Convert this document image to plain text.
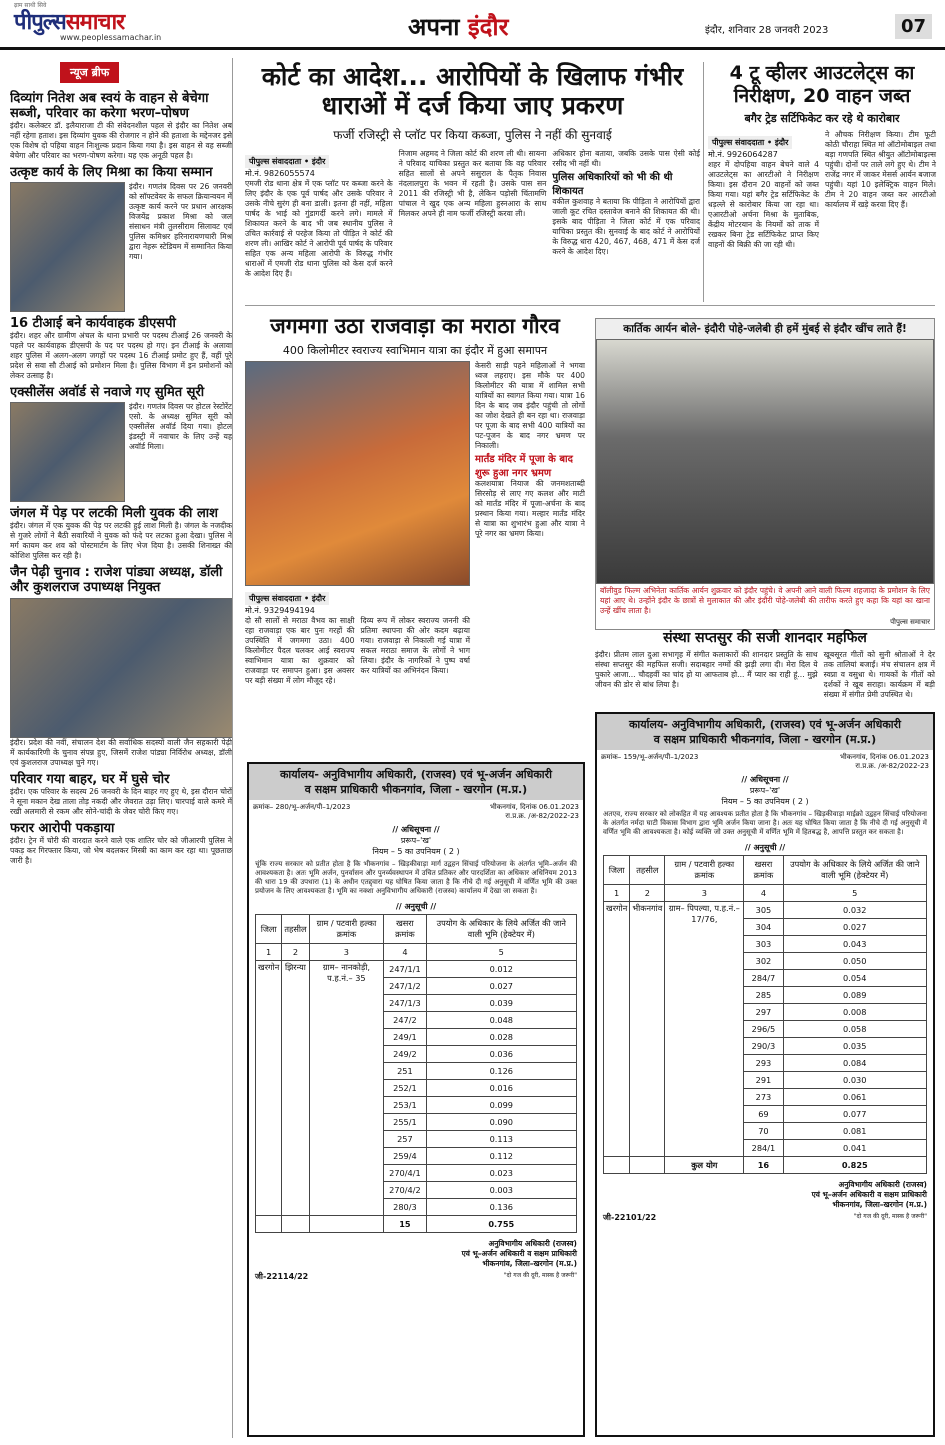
पीपुल्ससमाचार
ढ़ाम साथी सिवे
www.peoplessamachar.in	अपना इंदौर	इंदौर, शनिवार 28 जनवरी 2023	07
न्यूज ब्रीफ
दिव्यांग नितेश अब स्वयं के वाहन से बेचेगा सब्जी, परिवार का करेगा भरण–पोषण
इंदौर। कलेक्टर डॉ. इलैयाराजा टी की संवेदनशील पहल से इंदौर का नितेश अब नहीं रहेगा हताश। इस दिव्यांग युवक की रोजगार न होने की हताशा के मद्देनजर इसे एक विशेष दो पहिया वाहन निःशुल्क प्रदान किया गया है। इस वाहन से वह सब्जी बेचेगा और परिवार का भरण-पोषण करेगा। यह एक अनूठी पहल है।
उत्कृष्ट कार्य के लिए मिश्रा का किया सम्मान
इंदौर। गणतंत्र दिवस पर 26 जनवरी को सॉफ्टवेयर के सफल क्रियान्वयन में उत्कृष्ट कार्य करने पर प्रधान आरक्षक विजयेंद्र प्रकाश मिश्रा को जल संसाधन मंत्री तुलसीराम सिलावट एवं पुलिस कमिश्नर हरिनारायणचारी मिश्र द्वारा नेहरू स्टेडियम में सम्मानित किया गया।
16 टीआई बने कार्यवाहक डीएसपी
इंदौर। शहर और ग्रामीण अंचल के थाना प्रभारी पर पदस्थ टीआई 26 जनवरी के पहले पर कार्यवाहक डीएसपी के पद पर पदस्थ हो गए। इन टीआई के अलावा शहर पुलिस में अलग-अलग जगहों पर पदस्थ 16 टीआई प्रमोट हुए हैं, वहीं पूरे प्रदेश से सवा सौ टीआई को प्रमोशन मिला है। पुलिस विभाग में इन प्रमोशनों को लेकर उत्साह है।
एक्सीलेंस अवॉर्ड से नवाजे गए सुमित सूरी
इंदौर। गणतंत्र दिवस पर होटल रेस्टोरेंट एसो. के अध्यक्ष सुमित सूरी को एक्सीलेंस अवॉर्ड दिया गया। होटल इंडस्ट्री में नवाचार के लिए उन्हें यह अवॉर्ड मिला।
जंगल में पेड़ पर लटकी मिली युवक की लाश
इंदौर। जंगल में एक युवक की पेड़ पर लटकी हुई लाश मिली है। जंगल के नजदीक से गुजरे लोगों ने बैठी सवारियों ने युवक को फंदे पर लटका हुआ देखा। पुलिस ने मर्ग कायम कर शव को पोस्टमार्टम के लिए भेज दिया है। उसकी शिनाख्त की कोशिश पुलिस कर रही है।
जैन पेढ़ी चुनाव : राजेश पांड्या अध्यक्ष, डॉली और कुशलराज उपाध्यक्ष नियुक्त
इंदौर। प्रदेश की नवीं, संचालन देश की सर्वाधिक सदस्यों वाली जैन सहकारी पेढ़ी में कार्यकारिणी के चुनाव संपन्न हुए, जिसमें राजेश पांड्या निर्विरोध अध्यक्ष, डॉली एवं कुशलराज उपाध्यक्ष चुने गए।
परिवार गया बाहर, घर में घुसे चोर
इंदौर। एक परिवार के सदस्य 26 जनवरी के दिन बाहर गए हुए थे, इस दौरान चोरों ने सूना मकान देख ताला तोड़ नकदी और जेवरात उड़ा लिए। चारपाई वाले कमरे में रखी अलमारी से रकम और सोने-चांदी के जेवर चोरी किए गए।
फरार आरोपी पकड़ाया
इंदौर। ट्रेन में चोरी की वारदात करने वाले एक शातिर चोर को जीआरपी पुलिस ने पकड़ कर गिरफ्तार किया, जो भेष बदलकर मिस्त्री का काम कर रहा था। पूछताछ जारी है।
कोर्ट का आदेश... आरोपियों के खिलाफ गंभीर धाराओं में दर्ज किया जाए प्रकरण
फर्जी रजिस्ट्री से प्लॉट पर किया कब्जा, पुलिस ने नहीं की सुनवाई
पीपुल्स संवाददाता • इंदौर
मो.नं. 9826055574
एमजी रोड थाना क्षेत्र में एक प्लॉट पर कब्जा करने के लिए इंदौर के एक पूर्व पार्षद और उसके परिवार ने उसके नीचे सुरंग ही बना डाली। इतना ही नहीं, महिला पार्षद के भाई को गुंडागर्दी करने लगे। मामले में शिकायत करने के बाद भी जब स्थानीय पुलिस ने उचित कार्रवाई से परहेज किया तो पीड़ित ने कोर्ट की शरण ली। आखिर कोर्ट ने आरोपी पूर्व पार्षद के परिवार सहित एक अन्य महिला आरोपी के विरुद्ध गंभीर धाराओं में एमजी रोड थाना पुलिस को केस दर्ज करने के आदेश दिए हैं।
निजाम अहमद ने जिला कोर्ट की शरण ली थी। सायना ने परिवाद याचिका प्रस्तुत कर बताया कि वह परिवार सहित सालों से अपने ससुराल के पैतृक निवास नंदलालपुरा के भवन में रहती है। उसके पास सन 2011 की रजिस्ट्री भी है, लेकिन पड़ोसी चिंतामणि पांचाल ने खुद एक अन्य महिला हुस्नआरा के साथ मिलकर अपने ही नाम फर्जी रजिस्ट्री करवा ली।
अधिकार होना बताया, जबकि उसके पास ऐसी कोई रसीद भी नहीं थी।
पुलिस अधिकारियों को भी की थी शिकायत
वकील कुशवाह ने बताया कि पीड़िता ने आरोपियों द्वारा जाली कूट रचित दस्तावेज बनाने की शिकायत की थी। इसके बाद पीड़िता ने जिला कोर्ट में एक परिवाद याचिका प्रस्तुत की। सुनवाई के बाद कोर्ट ने आरोपियों के विरुद्ध धारा 420, 467, 468, 471 में केस दर्ज करने के आदेश दिए।
4 टू व्हीलर आउटलेट्स का निरीक्षण, 20 वाहन जब्त
बगैर ट्रेड सर्टिफिकेट कर रहे थे कारोबार
पीपुल्स संवाददाता • इंदौर
मो.नं. 9926064287
शहर में दोपहिया वाहन बेचने वाले 4 आउटलेट्स का आरटीओ ने निरीक्षण किया। इस दौरान 20 वाहनों को जब्त किया गया। यहां बगैर ट्रेड सर्टिफिकेट के धड़ल्ले से कारोबार किया जा रहा था। एआरटीओ अर्चना मिश्रा के मुताबिक, केंद्रीय मोटरयान के नियमों को ताक में रखकर बिना ट्रेड सर्टिफिकेट प्राप्त किए वाहनों की बिक्री की जा रही थी।
ने औचक निरीक्षण किया। टीम फूटी कोठी चौराहा स्थित मां ऑटोमोबाइल तथा बड़ा गणपति स्थित श्रीयुत ऑटोमोबाइल्स पहुंची। दोनों पर ताले लगे हुए थे। टीम ने राजेंद्र नगर में जाकर मेसर्स आर्यन बजाज पहुंची। यहां 10 इलेक्ट्रिक वाहन मिले। टीम ने 20 वाहन जब्त कर आरटीओ कार्यालय में खड़े करवा दिए हैं।
जगमगा उठा राजवाड़ा का मराठा गौरव
400 किलोमीटर स्वराज्य स्वाभिमान यात्रा का इंदौर में हुआ समापन
पीपुल्स संवाददाता • इंदौर
मो.नं. 9329494194
दो सौ सालों से मराठा वैभव का साक्षी रहा राजवाड़ा एक बार पुनः गरहों की उपस्थिति में जगमगा उठा। 400 किलोमीटर पैदल चलकर आई स्वराज्य स्वाभिमान यात्रा का शुक्रवार को राजवाड़ा पर समापन हुआ। इस अवसर पर बड़ी संख्या में लोग मौजूद रहे।
दिव्य रूप में लोकर स्वराज्य जननी की प्रतिमा स्थापना की ओर कदम बढ़ाया गया। राजवाड़ा से निकाली गई यात्रा में सकल मराठा समाज के लोगों ने भाग लिया। इंदौर के नागरिकों ने पुष्प वर्षा कर यात्रियों का अभिनंदन किया।
केसरी साड़ी पहने महिलाओं ने भगवा ध्वज लहराए। इस मौके पर 400 किलोमीटर की यात्रा में शामिल सभी यात्रियों का स्वागत किया गया। यात्रा 16 दिन के बाद जब इंदौर पहुंची तो लोगों का जोश देखते ही बन रहा था। राजवाड़ा पर पूजा के बाद सभी 400 यात्रियों का पट-पूजन के बाद नगर भ्रमण पर निकाली।
मार्तंड मंदिर में पूजा के बाद शुरू हुआ नगर भ्रमण
कलशयात्रा नियाज की जनमशताब्दी सिरसोड़ से लाए गए कलश और माटी को मार्तंड मंदिर में पूजा-अर्चना के बाद प्रस्थान किया गया। मल्हार मार्तंड मंदिर से यात्रा का शुभारंभ हुआ और यात्रा ने पूरे नगर का भ्रमण किया।
कार्तिक आर्यन बोले- इंदौरी पोहे-जलेबी ही हमें मुंबई से इंदौर खींच लाते हैं!
बॉलीवुड फिल्म अभिनेता कार्तिक आर्यन शुक्रवार को इंदौर पहुंचे। वे अपनी आने वाली फिल्म शहजादा के प्रमोशन के लिए यहां आए थे। उन्होंने इंदौर के छात्रों से मुलाकात की और इंदौरी पोहे-जलेबी की तारीफ करते हुए कहा कि यहां का खाना उन्हें खींच लाता है।
पीपुल्स समाचार
संस्था सप्तसुर की सजी शानदार महफिल
इंदौर। प्रीतम लाल दुआ सभागृह में संगीत कलाकारों की शानदार प्रस्तुति के साथ संस्था सप्तसुर की महफिल सजी। सदाबहार नग्मों की झड़ी लगा दी। मेरा दिल ये पुकारे आजा... चौदहवीं का चांद हो या आफताब हो... मैं प्यार का राही हूं... मुझे जीवन की डोर से बांध लिया है।
खूबसूरत गीतों को सुनी श्रोताओं ने देर तक तालियां बजाईं। मंच संचालन क्षत्र में स्वप्ना व वसुधा थे। गायकों के गीतों को दर्शकों ने खूब सराहा। कार्यक्रम में बड़ी संख्या में संगीत प्रेमी उपस्थित थे।
कार्यालय- अनुविभागीय अधिकारी, (राजस्व) एवं भू-अर्जन अधिकारी
व सक्षम प्राधिकारी भीकनगांव, जिला - खरगोन (म.प्र.)
क्रमांक– 280/भू–अर्जन/पी–1/2023	भीकनगांव, दिनांक 06.01.2023
रा.प्र.क्र. /अ-82/2022-23
// अधिसूचना //
प्ररूप–'ख'
नियम – 5 का उपनियम ( 2 )
चूंकि राज्य सरकार को प्रतीत होता है कि भीकनगांव – खिड़कीवाड़ा मार्ग उद्वहन सिंचाई परियोजना के अंतर्गत भूमि–अर्जन की आवश्यकता है। अतः भूमि अर्जन, पुनर्वासन और पुनर्व्यवस्थापन में उचित प्रतिकर और पारदर्शिता का अधिकार अधिनियम 2013 की धारा 19 की उपधारा (1) के अधीन एतद्द्वारा यह घोषित किया जाता है कि नीचे दी गई अनुसूची में वर्णित भूमि की उक्त प्रयोजन के लिए आवश्यकता है। भूमि का नक्शा अनुविभागीय अधिकारी (राजस्व) कार्यालय में देखा जा सकता है।
// अनुसूची //
जिला	तहसील	ग्राम / पटवारी हल्का क्रमांक	खसरा क्रमांक	उपयोग के अधिकार के लिये अर्जित की जाने वाली भूमि (हेक्टेयर में)
1	2	3	4	5
खरगोन	झिरन्या	ग्राम– नानकोड़ी, प.ह.नं.– 35	247/1/1	0.012
			247/1/2	0.027
			247/1/3	0.039
			247/2	0.048
			249/1	0.028
			249/2	0.036
			251	0.126
			252/1	0.016
			253/1	0.099
			255/1	0.090
			257	0.113
			259/4	0.112
			270/4/1	0.023
			270/4/2	0.003
			280/3	0.136
			15	0.755
अनुविभागीय अधिकारी (राजस्व)
एवं भू–अर्जन अधिकारी व सक्षम प्राधिकारी
भीकनगांव, जिला–खरगोन (म.प्र.)
जी-22114/22	"दो गज की दूरी, मास्क है जरूरी"
कार्यालय- अनुविभागीय अधिकारी, (राजस्व) एवं भू-अर्जन अधिकारी
व सक्षम प्राधिकारी भीकनगांव, जिला - खरगोन (म.प्र.)
क्रमांक– 159/भू–अर्जन/पी–1/2023	भीकनगांव, दिनांक 06.01.2023
रा.प्र.क्र. /अ-82/2022-23
// अधिसूचना //
प्ररूप–'ख'
नियम – 5 का उपनियम ( 2 )
अतएव, राज्य सरकार को लोकहित में यह आवश्यक प्रतीत होता है कि भीकनगांव – खिड़कीवाड़ा माईक्रो उद्वहन सिंचाई परियोजना के अंतर्गत नर्मदा घाटी विकास विभाग द्वारा भूमि अर्जन किया जाना है। अतः यह घोषित किया जाता है कि नीचे दी गई अनुसूची में वर्णित भूमि की आवश्यकता है। कोई व्यक्ति जो उक्त अनुसूची में वर्णित भूमि में हितबद्ध है, आपत्ति प्रस्तुत कर सकता है।
// अनुसूची //
जिला	तहसील	ग्राम / पटवारी हल्का क्रमांक	खसरा क्रमांक	उपयोग के अधिकार के लिये अर्जित की जाने वाली भूमि (हेक्टेयर में)
1	2	3	4	5
खरगोन	भीकनगांव	ग्राम– पिपल्या, प.ह.नं.– 17/76,	305	0.032
			304	0.027
			303	0.043
			302	0.050
			284/7	0.054
			285	0.089
			297	0.008
			296/5	0.058
			290/3	0.035
			293	0.084
			291	0.030
			273	0.061
			69	0.077
			70	0.081
			284/1	0.041
		कुल योग	16	0.825
अनुविभागीय अधिकारी (राजस्व)
एवं भू–अर्जन अधिकारी व सक्षम प्राधिकारी
भीकनगांव, जिला–खरगोन (म.प्र.)
जी-22101/22	"दो गज की दूरी, मास्क है जरूरी"
